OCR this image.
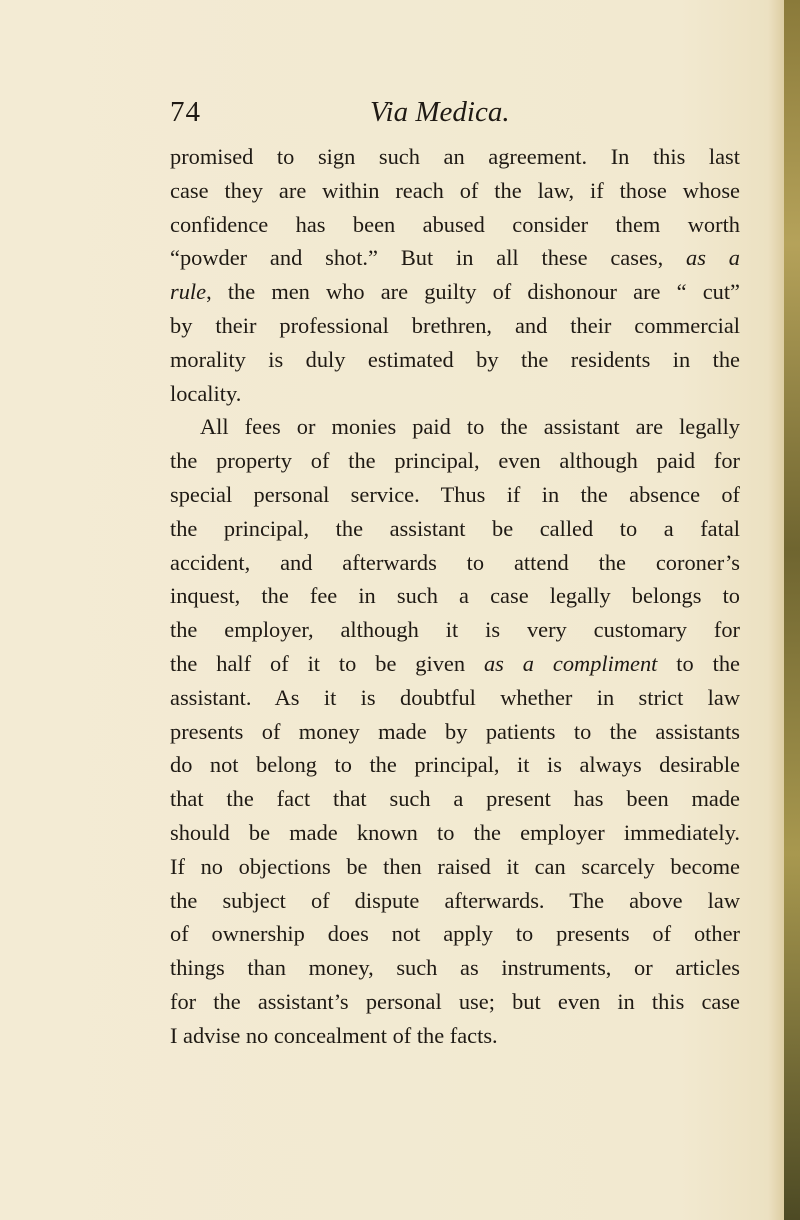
74	Via Medica.
promised to sign such an agreement. In this last
case they are within reach of the law, if those whose
confidence has been abused consider them worth
“powder and shot.” But in all these cases, as a
rule, the men who are guilty of dishonour are “ cut”
by their professional brethren, and their commercial
morality is duly estimated by the residents in the
locality.
All fees or monies paid to the assistant are legally
the property of the principal, even although paid for
special personal service. Thus if in the absence of
the principal, the assistant be called to a fatal
accident, and afterwards to attend the coroner’s
inquest, the fee in such a case legally belongs to
the employer, although it is very customary for
the half of it to be given as a compliment to the
assistant. As it is doubtful whether in strict law
presents of money made by patients to the assistants
do not belong to the principal, it is always desirable
that the fact that such a present has been made
should be made known to the employer immediately.
If no objections be then raised it can scarcely become
the subject of dispute afterwards. The above law
of ownership does not apply to presents of other
things than money, such as instruments, or articles
for the assistant’s personal use; but even in this case
I advise no concealment of the facts.
